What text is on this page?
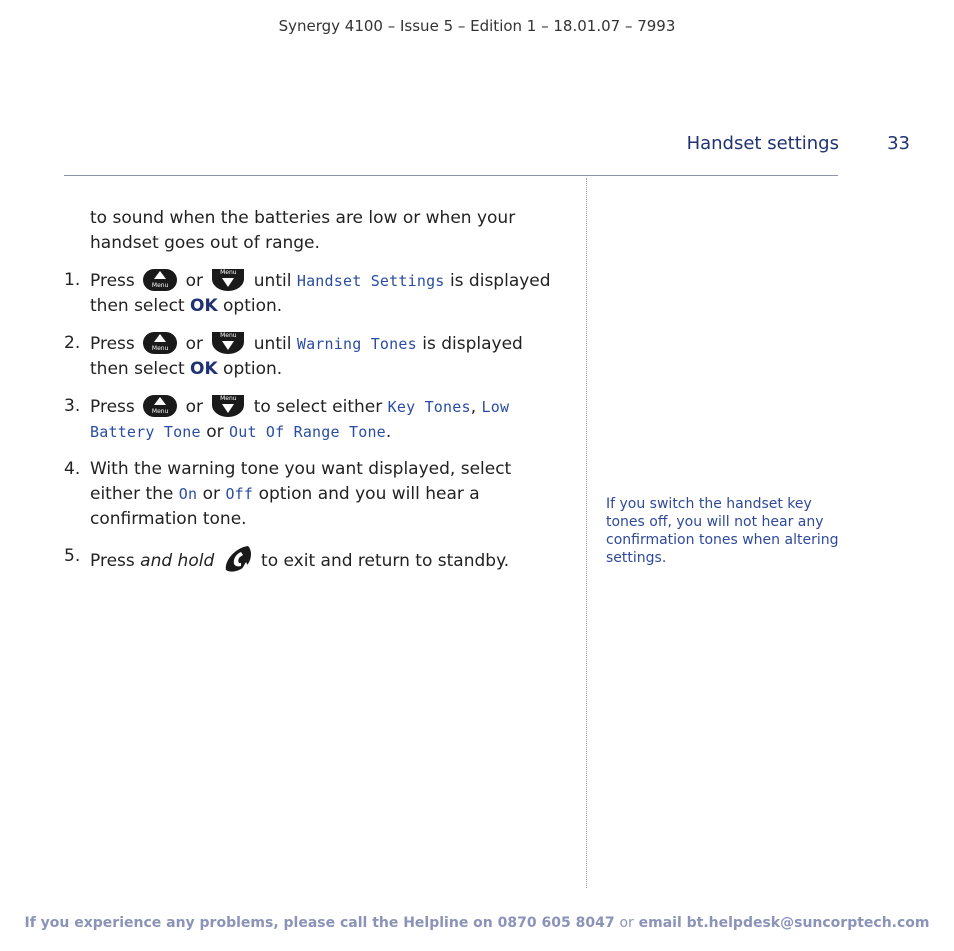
Synergy 4100 – Issue 5 – Edition 1 – 18.01.07 – 7993
Handset settings	33

to sound when the batteries are low or when your handset goes out of range.

1. Press	Menu	or	Menu	until Handset Settings is displayed then select OK option.
2. Press	Menu	or	Menu	until Warning Tones is displayed then select OK option.
3. Press	Menu	or	Menu	to select either Key Tones, Low Battery Tone or Out Of Range Tone.
4. With the warning tone you want displayed, select either the On or Off option and you will hear a confirmation tone.
5. Press and hold	to exit and return to standby.
If you switch the handset key tones off, you will not hear any confirmation tones when altering settings.
If you experience any problems, please call the Helpline on 0870 605 8047 or email bt.helpdesk@suncorptech.com
